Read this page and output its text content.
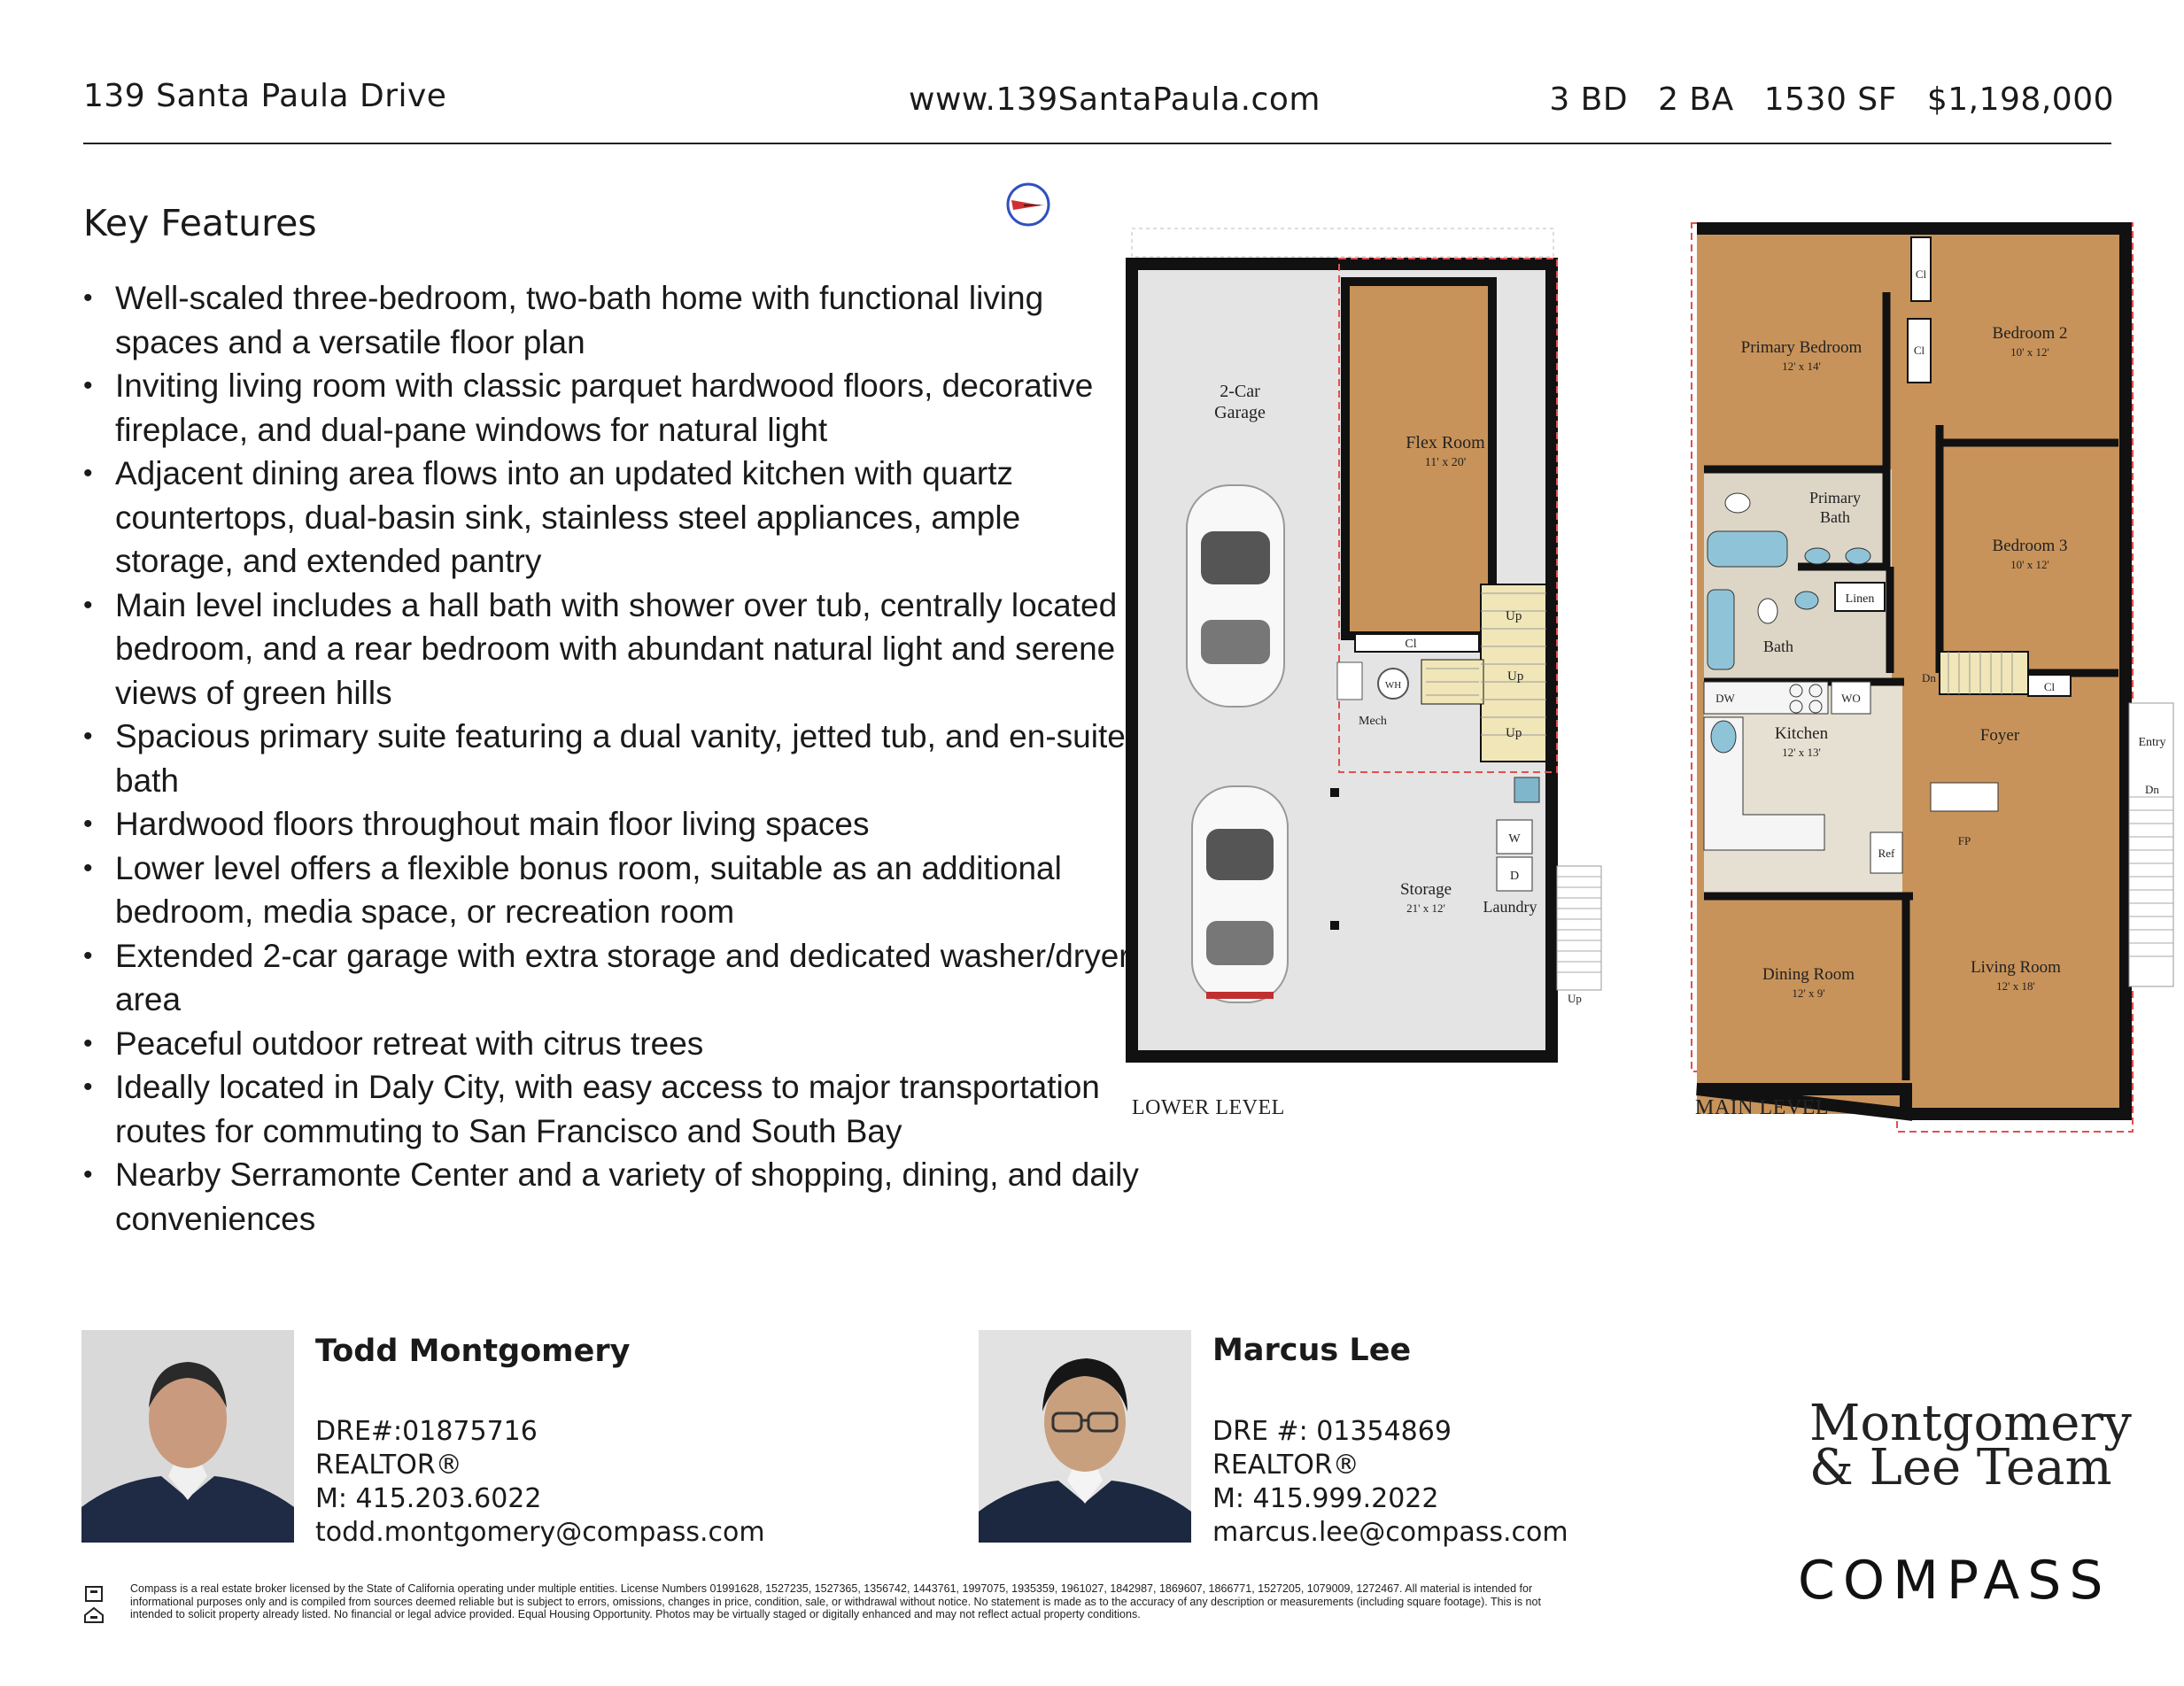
139 Santa Paula Drive	www.139SantaPaula.com	3 BD 2 BA 1530 SF $1,198,000
Key Features
• Well-scaled three-bedroom, two-bath home with functional living spaces and a versatile floor plan
• Inviting living room with classic parquet hardwood floors, decorative fireplace, and dual-pane windows for natural light
• Adjacent dining area flows into an updated kitchen with quartz countertops, dual-basin sink, stainless steel appliances, ample storage, and extended pantry
• Main level includes a hall bath with shower over tub, centrally located bedroom, and a rear bedroom with abundant natural light and serene views of green hills
• Spacious primary suite featuring a dual vanity, jetted tub, and en-suite bath
• Hardwood floors throughout main floor living spaces
• Lower level offers a flexible bonus room, suitable as an additional bedroom, media space, or recreation room
• Extended 2-car garage with extra storage and dedicated washer/dryer area
• Peaceful outdoor retreat with citrus trees
• Ideally located in Daly City, with easy access to major transportation routes for commuting to San Francisco and South Bay
• Nearby Serramonte Center and a variety of shopping, dining, and daily conveniences
Cl
Up
Up
Up
2-Car
Garage
Flex Room
11' x 20'
WH
Mech
W
D
Storage
21' x 12' Laundry
Up
LOWER LEVEL
Cl
Cl
Primary Bedroom
12' x 14'
Bedroom 2
10' x 12'
Primary
Bath
Bedroom 3
10' x 12'
Bath
Linen
Dn
Cl
DW	WO
Kitchen
12' x 13'
Ref
Foyer
FP
Dining Room
12' x 9'
Living Room
12' x 18'
Entry
Dn
MAIN LEVEL
Todd Montgomery
DRE#:01875716
REALTOR®
M: 415.203.6022
todd.montgomery@compass.com
Marcus Lee
DRE #: 01354869
REALTOR®
M: 415.999.2022
marcus.lee@compass.com
Montgomery
& Lee Team
COMPASS
Compass is a real estate broker licensed by the State of California operating under multiple entities. License Numbers 01991628, 1527235, 1527365, 1356742, 1443761, 1997075, 1935359, 1961027, 1842987, 1869607, 1866771, 1527205, 1079009, 1272467. All material is intended for informational purposes only and is compiled from sources deemed reliable but is subject to errors, omissions, changes in price, condition, sale, or withdrawal without notice. No statement is made as to the accuracy of any description or measurements (including square footage). This is not intended to solicit property already listed. No financial or legal advice provided. Equal Housing Opportunity. Photos may be virtually staged or digitally enhanced and may not reflect actual property conditions.
